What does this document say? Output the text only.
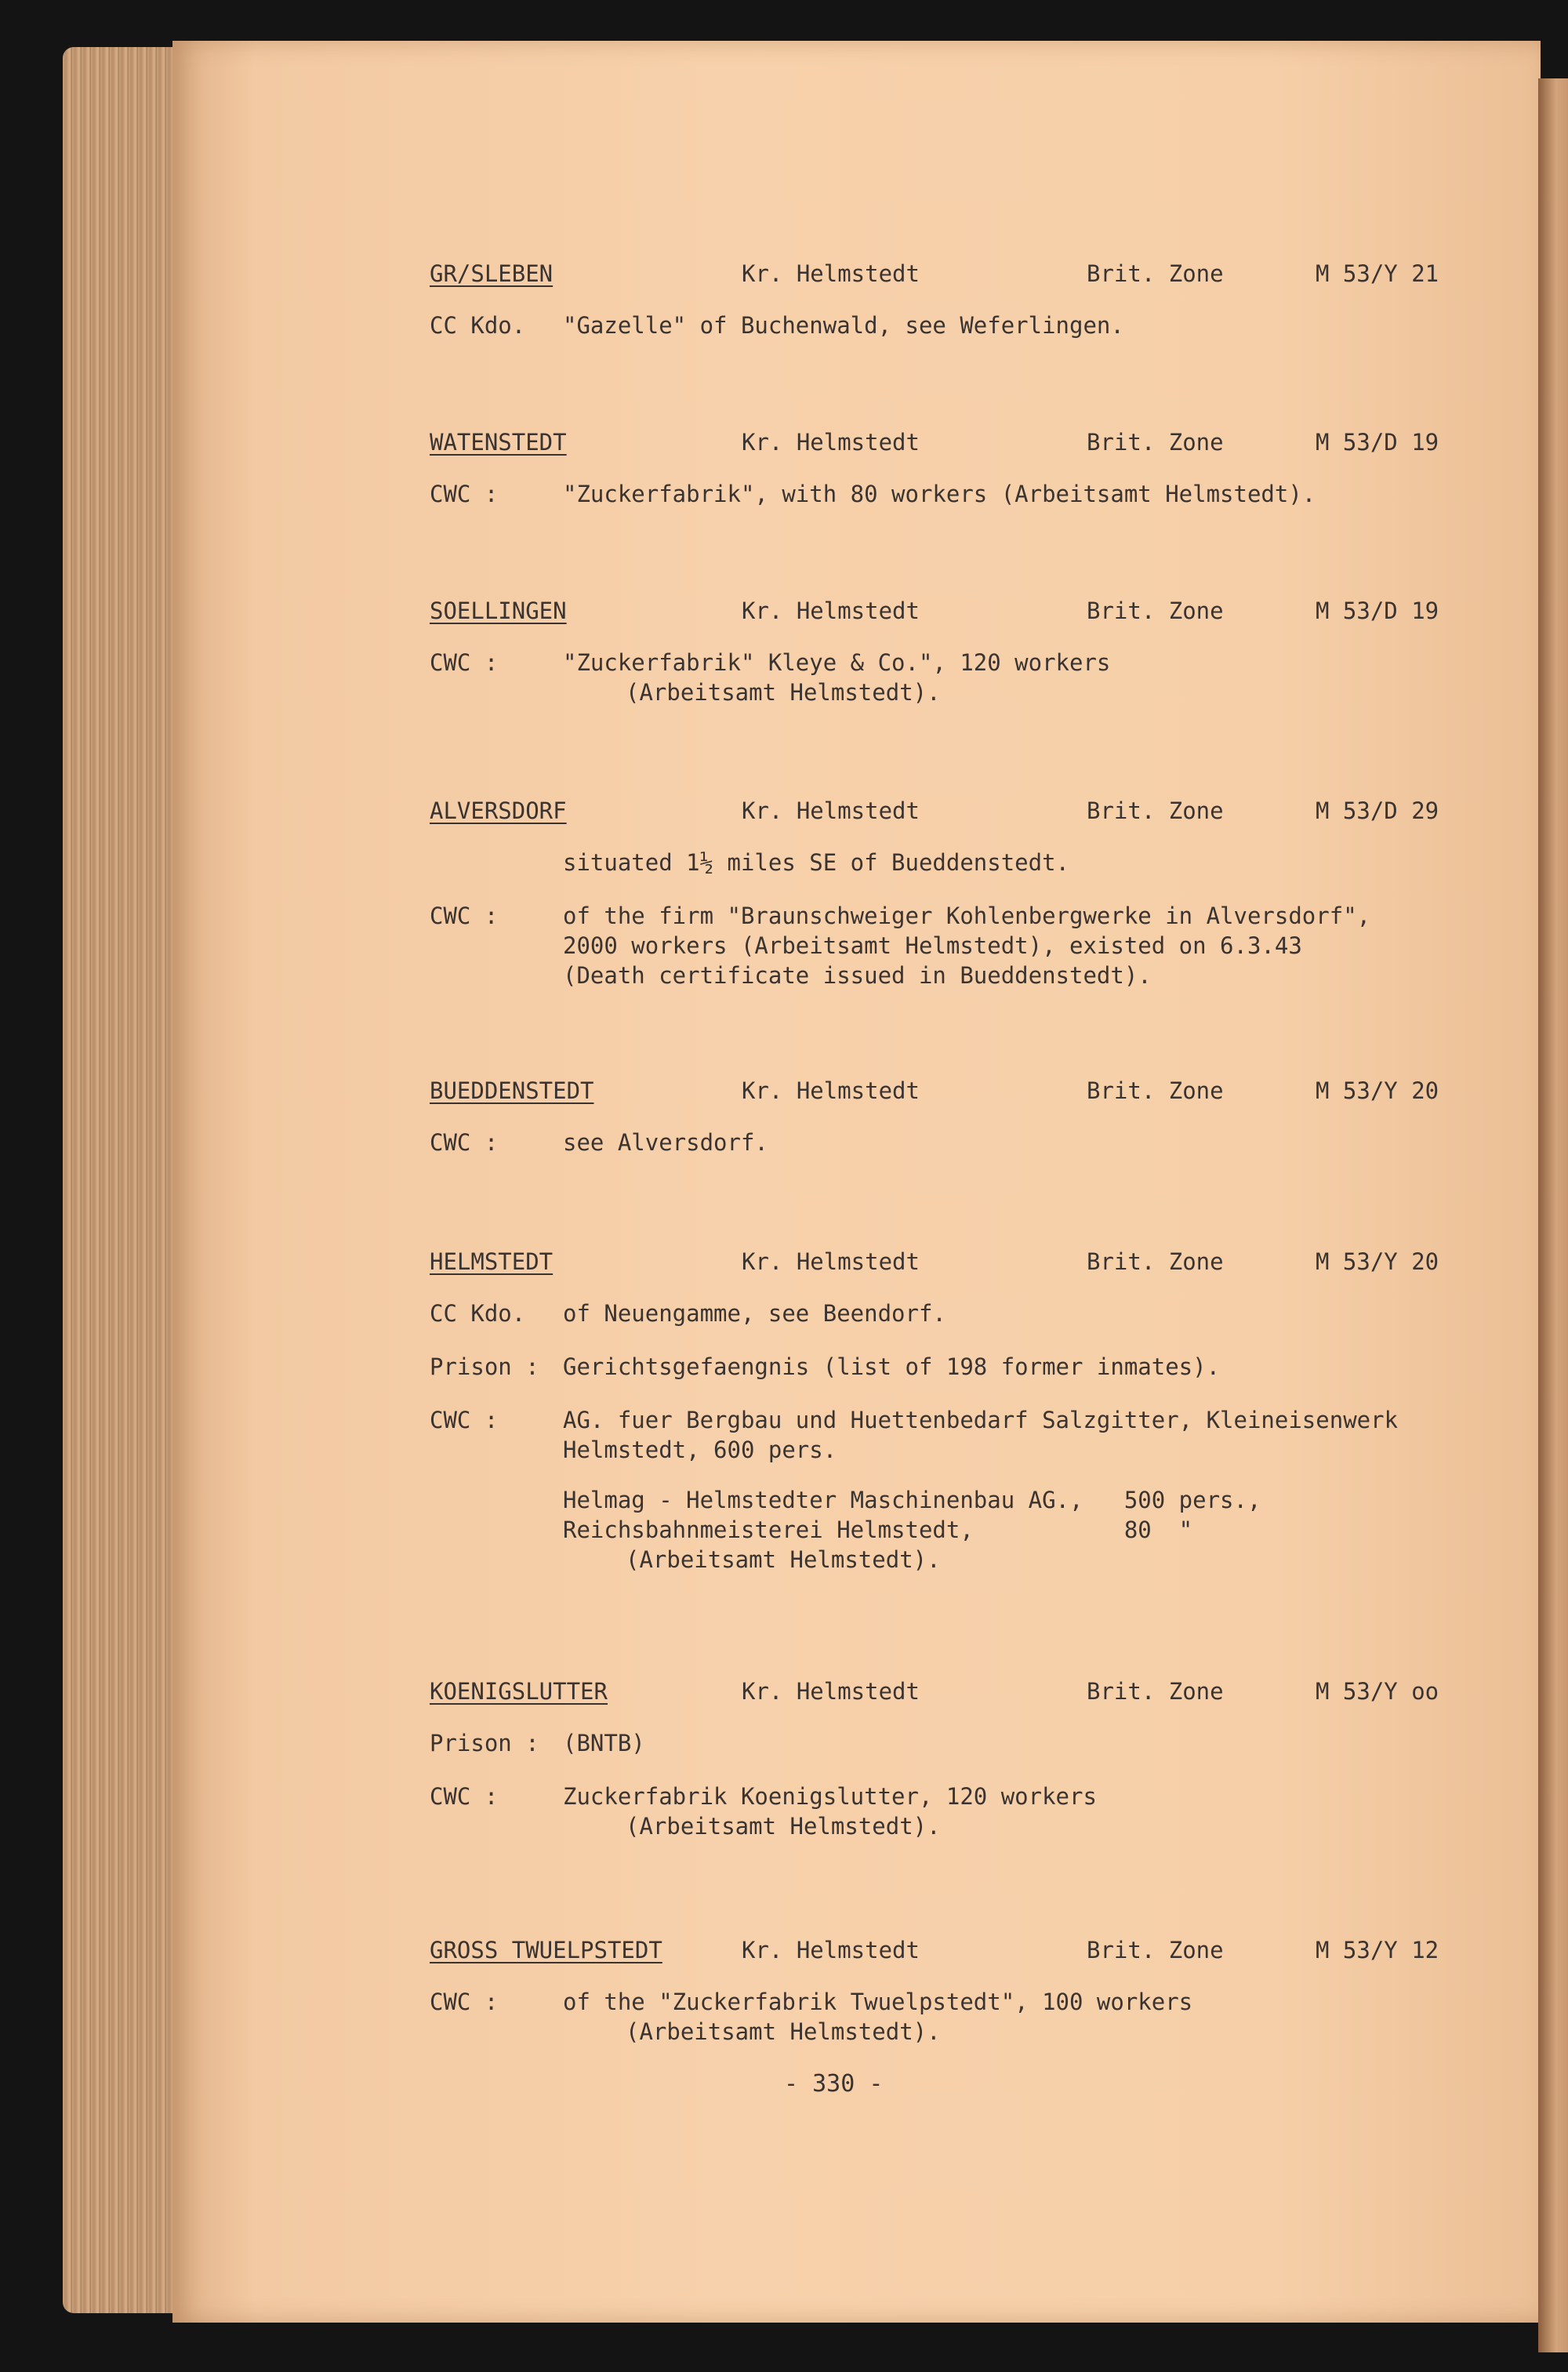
GR/SLEBEN	Kr. Helmstedt	Brit. Zone	M 53/Y 21
CC Kdo. "Gazelle" of Buchenwald, see Weferlingen.
WATENSTEDT	Kr. Helmstedt	Brit. Zone	M 53/D 19
CWC :	"Zuckerfabrik", with 80 workers (Arbeitsamt Helmstedt).
SOELLINGEN	Kr. Helmstedt	Brit. Zone	M 53/D 19
CWC :	"Zuckerfabrik" Kleye & Co.", 120 workers
(Arbeitsamt Helmstedt).
ALVERSDORF	Kr. Helmstedt	Brit. Zone	M 53/D 29
situated 1½ miles SE of Bueddenstedt.
CWC :	of the firm "Braunschweiger Kohlenbergwerke in Alversdorf",
2000 workers (Arbeitsamt Helmstedt), existed on 6.3.43
(Death certificate issued in Bueddenstedt).
BUEDDENSTEDT	Kr. Helmstedt	Brit. Zone	M 53/Y 20
CWC :	see Alversdorf.
HELMSTEDT	Kr. Helmstedt	Brit. Zone	M 53/Y 20
CC Kdo. of Neuengamme, see Beendorf.
Prison : Gerichtsgefaengnis (list of 198 former inmates).
CWC :	AG. fuer Bergbau und Huettenbedarf Salzgitter, Kleineisenwerk
Helmstedt, 600 pers.
Helmag - Helmstedter Maschinenbau AG.,   500 pers.,
Reichsbahnmeisterei Helmstedt,           80  "
(Arbeitsamt Helmstedt).
KOENIGSLUTTER	Kr. Helmstedt	Brit. Zone	M 53/Y oo
Prison : (BNTB)
CWC :	Zuckerfabrik Koenigslutter, 120 workers
(Arbeitsamt Helmstedt).
GROSS TWUELPSTEDT	Kr. Helmstedt	Brit. Zone	M 53/Y 12
CWC :	of the "Zuckerfabrik Twuelpstedt", 100 workers
(Arbeitsamt Helmstedt).
- 330 -
